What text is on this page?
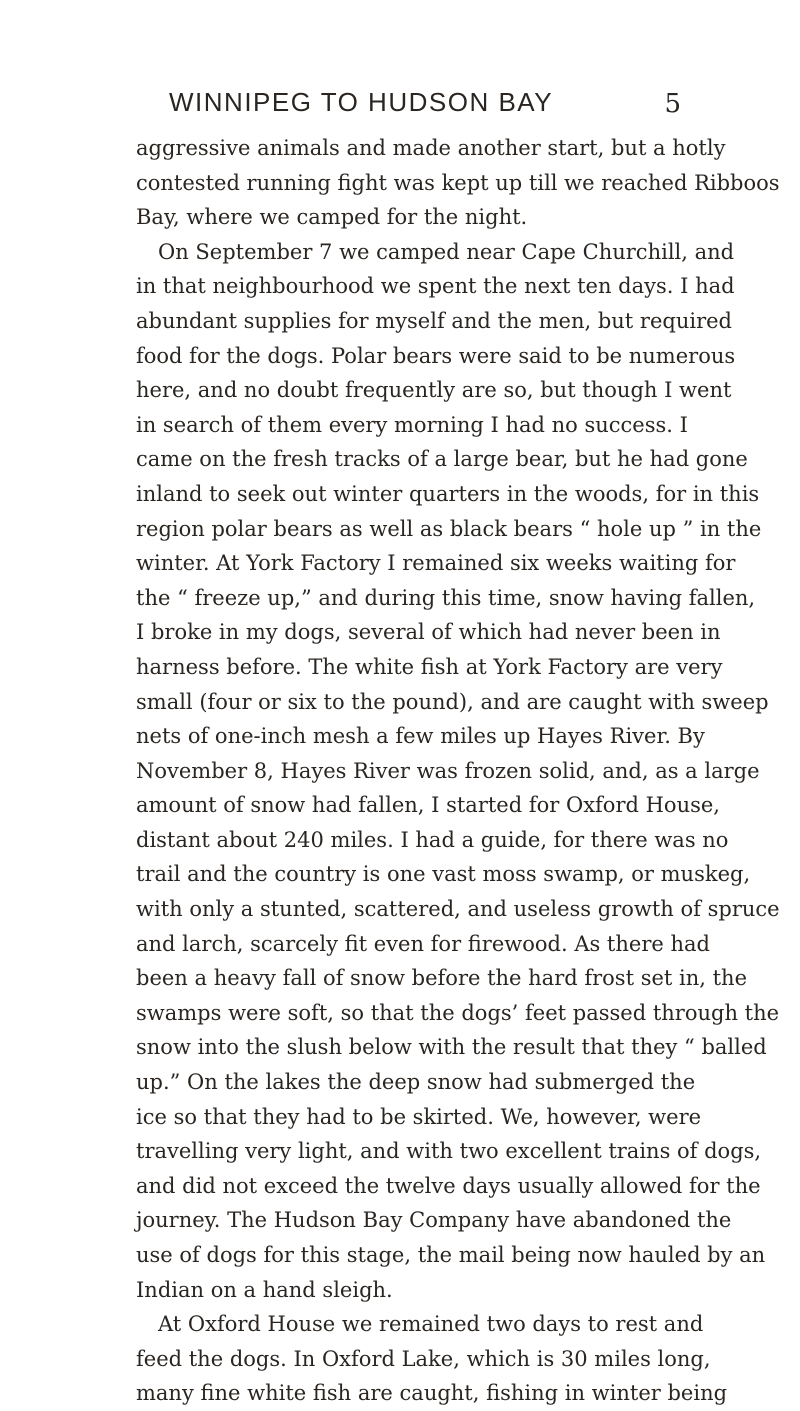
WINNIPEG TO HUDSON BAY	5
aggressive animals and made another start, but a hotly
contested running fight was kept up till we reached Ribboos
Bay, where we camped for the night.
On September 7 we camped near Cape Churchill, and
in that neighbourhood we spent the next ten days. I had
abundant supplies for myself and the men, but required
food for the dogs. Polar bears were said to be numerous
here, and no doubt frequently are so, but though I went
in search of them every morning I had no success. I
came on the fresh tracks of a large bear, but he had gone
inland to seek out winter quarters in the woods, for in this
region polar bears as well as black bears “ hole up ” in the
winter. At York Factory I remained six weeks waiting for
the “ freeze up,” and during this time, snow having fallen,
I broke in my dogs, several of which had never been in
harness before. The white fish at York Factory are very
small (four or six to the pound), and are caught with sweep
nets of one-inch mesh a few miles up Hayes River. By
November 8, Hayes River was frozen solid, and, as a large
amount of snow had fallen, I started for Oxford House,
distant about 240 miles. I had a guide, for there was no
trail and the country is one vast moss swamp, or muskeg,
with only a stunted, scattered, and useless growth of spruce
and larch, scarcely fit even for firewood. As there had
been a heavy fall of snow before the hard frost set in, the
swamps were soft, so that the dogs’ feet passed through the
snow into the slush below with the result that they “ balled
up.” On the lakes the deep snow had submerged the
ice so that they had to be skirted. We, however, were
travelling very light, and with two excellent trains of dogs,
and did not exceed the twelve days usually allowed for the
journey. The Hudson Bay Company have abandoned the
use of dogs for this stage, the mail being now hauled by an
Indian on a hand sleigh.
At Oxford House we remained two days to rest and
feed the dogs. In Oxford Lake, which is 30 miles long,
many fine white fish are caught, fishing in winter being
